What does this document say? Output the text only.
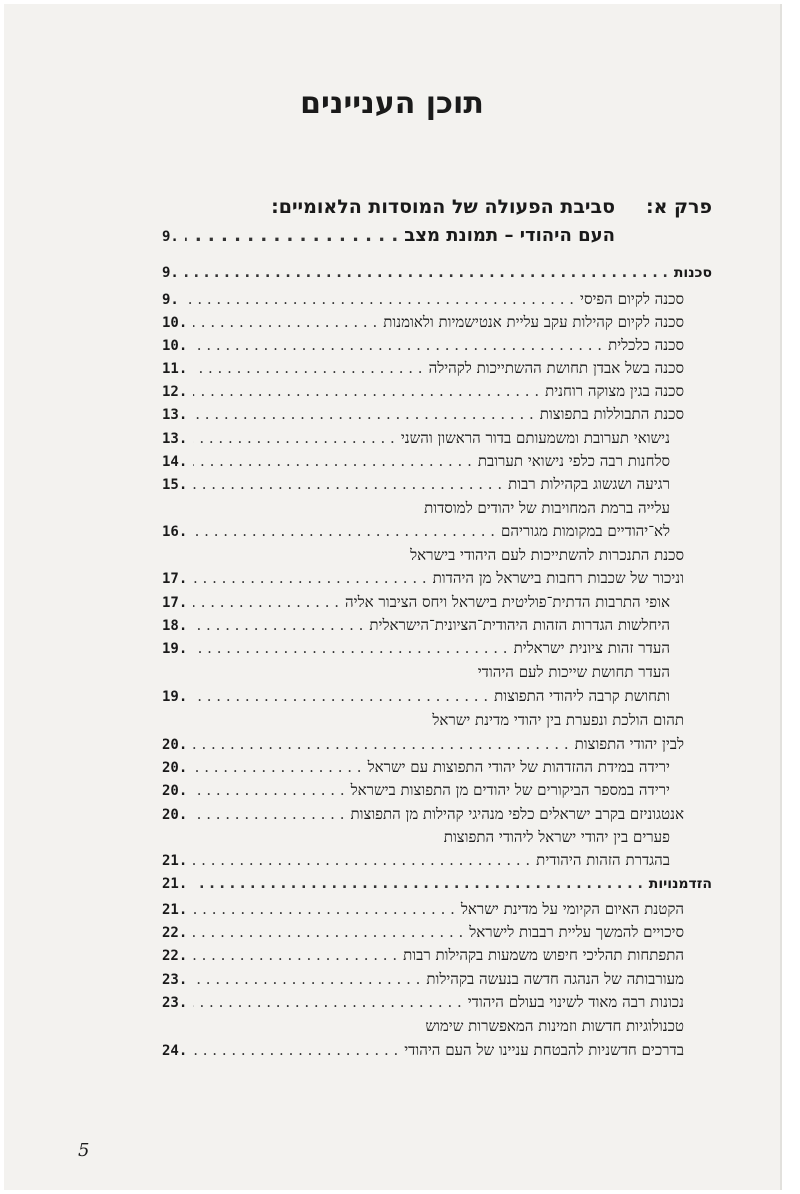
תוכן העניינים
פרק א:
סביבת הפעולה של המוסדות הלאומיים:
העם היהודי – תמונת מצב
. . .
9.
סכנות
. . .
9.
סכנה לקיום הפיסי
. . .
9.
סכנה לקיום קהילות עקב עליית אנטישמיות ולאומנות
. . .
10.
סכנה כלכלית
. . .
10.
סכנה בשל אבדן תחושת ההשתייכות לקהילה
. . .
11.
סכנה בגין מצוקה רוחנית
. . .
12.
סכנת התבוללות בתפוצות
. . .
13.
נישואי תערובת ומשמעותם בדור הראשון והשני
. . .
13.
סלחנות רבה כלפי נישואי תערובת
. . .
14.
רגיעה ושגשוג בקהילות רבות
. . .
15.
עלייה ברמת המחויבות של יהודים למוסדות
לא־יהודיים במקומות מגוריהם
. . .
16.
סכנת התנכרות להשתייכות לעם היהודי בישראל
וניכור של שכבות רחבות בישראל מן היהדות
. . .
17.
אופי התרבות הדתית־פוליטית בישראל ויחס הציבור אליה
. . .
17.
היחלשות הגדרות הזהות היהודית־הציונית־הישראלית
. . .
18.
העדר זהות ציונית ישראלית
. . .
19.
העדר תחושת שייכות לעם היהודי
ותחושת קרבה ליהודי התפוצות
. . .
19.
תהום הולכת ונפערת בין יהודי מדינת ישראל
לבין יהודי התפוצות
. . .
20.
ירידה במידת ההזדהות של יהודי התפוצות עם ישראל
. . .
20.
ירידה במספר הביקורים של יהודים מן התפוצות בישראל
. . .
20.
אנטגוניזם בקרב ישראלים כלפי מנהיגי קהילות מן התפוצות
. . .
20.
פערים בין יהודי ישראל ליהודי התפוצות
בהגדרת הזהות היהודית
. . .
21.
הזדמנויות
. . .
21.
הקטנת האיום הקיומי על מדינת ישראל
. . .
21.
סיכויים להמשך עליית רבבות לישראל
. . .
22.
התפתחות תהליכי חיפוש משמעות בקהילות רבות
. . .
22.
מעורבותה של הנהגה חדשה בנעשה בקהילות
. . .
23.
נכונות רבה מאוד לשינוי בעולם היהודי
. . .
23.
טכנולוגיות חדשות וזמינות המאפשרות שימוש
בדרכים חדשניות להבטחת עניינו של העם היהודי
. . .
24.
5
